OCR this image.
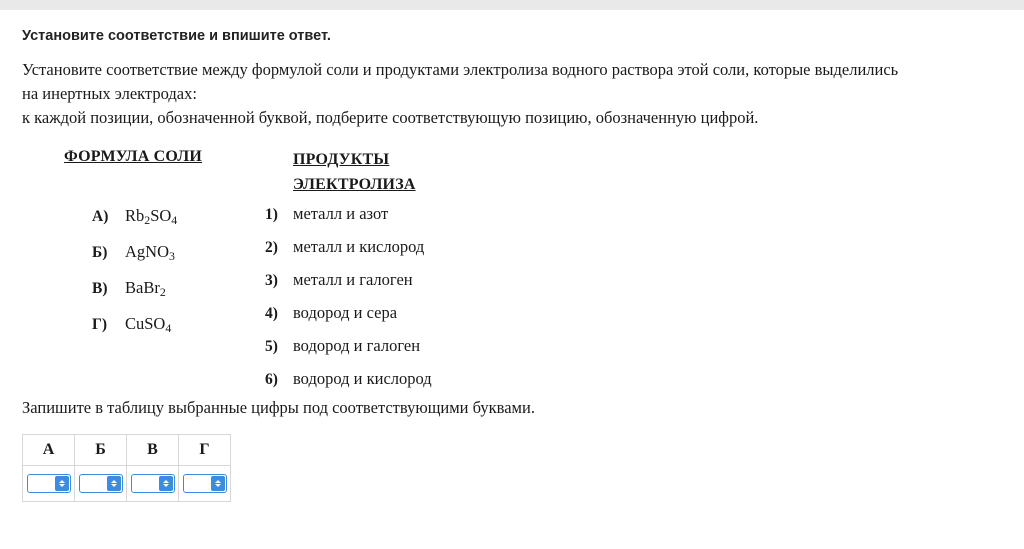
Установите соответствие и впишите ответ.
Установите соответствие между формулой соли и продуктами электролиза водного раствора этой соли, которые выделились
на инертных электродах:
к каждой позиции, обозначенной буквой, подберите соответствующую позицию, обозначенную цифрой.
ФОРМУЛА СОЛИ	ПРОДУКТЫ
ЭЛЕКТРОЛИЗА
А)	$Rb_2SO_4$
Б)	AgNO$_3$
В)	BaBr$_2$
Г)	CuSO$_4$
1) металл и азот
2) металл и кислород
3) металл и галоген
4) водород и сера
5) водород и галоген
6) водород и кислород
Запишите в таблицу выбранные цифры под соответствующими буквами.
А	Б	В	Г
